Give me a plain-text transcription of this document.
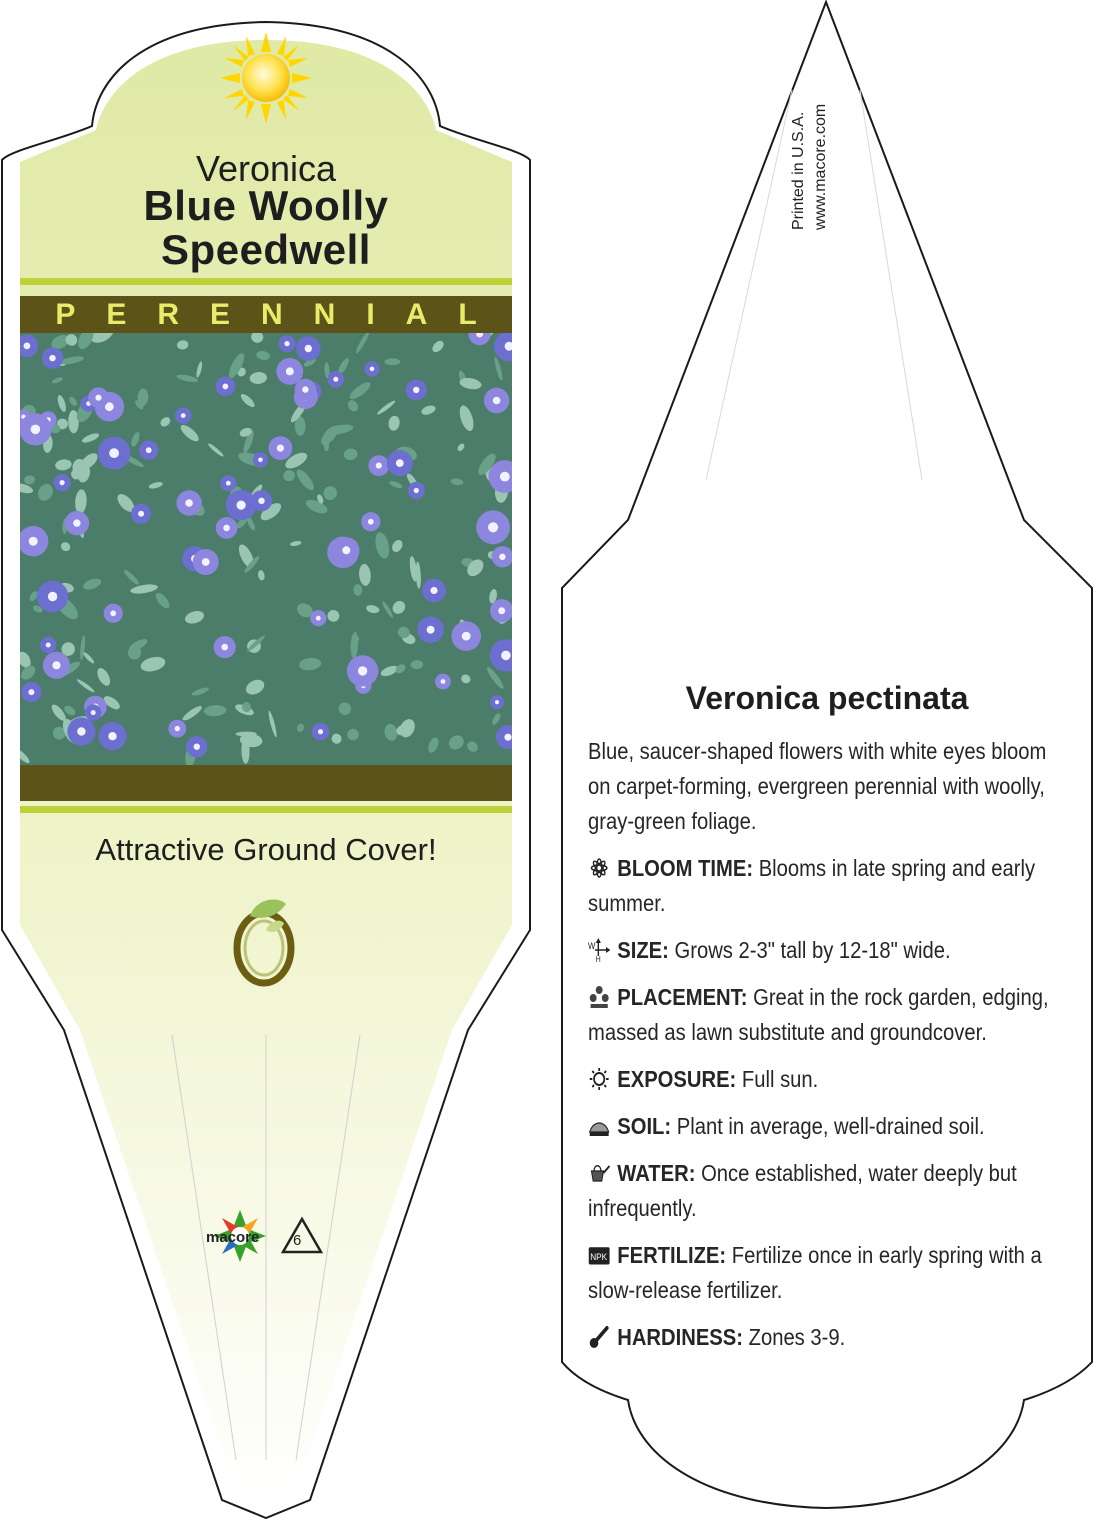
Veronica
Blue Woolly
Speedwell
PERENNIAL
Attractive Ground Cover!
macore 6
Printed in U.S.A. www.macore.com
Veronica pectinata

Blue, saucer-shaped flowers with white eyes bloom on carpet-forming, evergreen perennial with woolly, gray-green foliage.

BLOOM TIME: Blooms in late spring and early summer.

W
H SIZE: Grows 2-3" tall by 12-18" wide.

PLACEMENT: Great in the rock garden, edging, massed as lawn substitute and groundcover.

EXPOSURE: Full sun.

SOIL: Plant in average, well-drained soil.

WATER: Once established, water deeply but infrequently.

NPK FERTILIZE: Fertilize once in early spring with a slow-release fertilizer.

HARDINESS: Zones 3-9.
